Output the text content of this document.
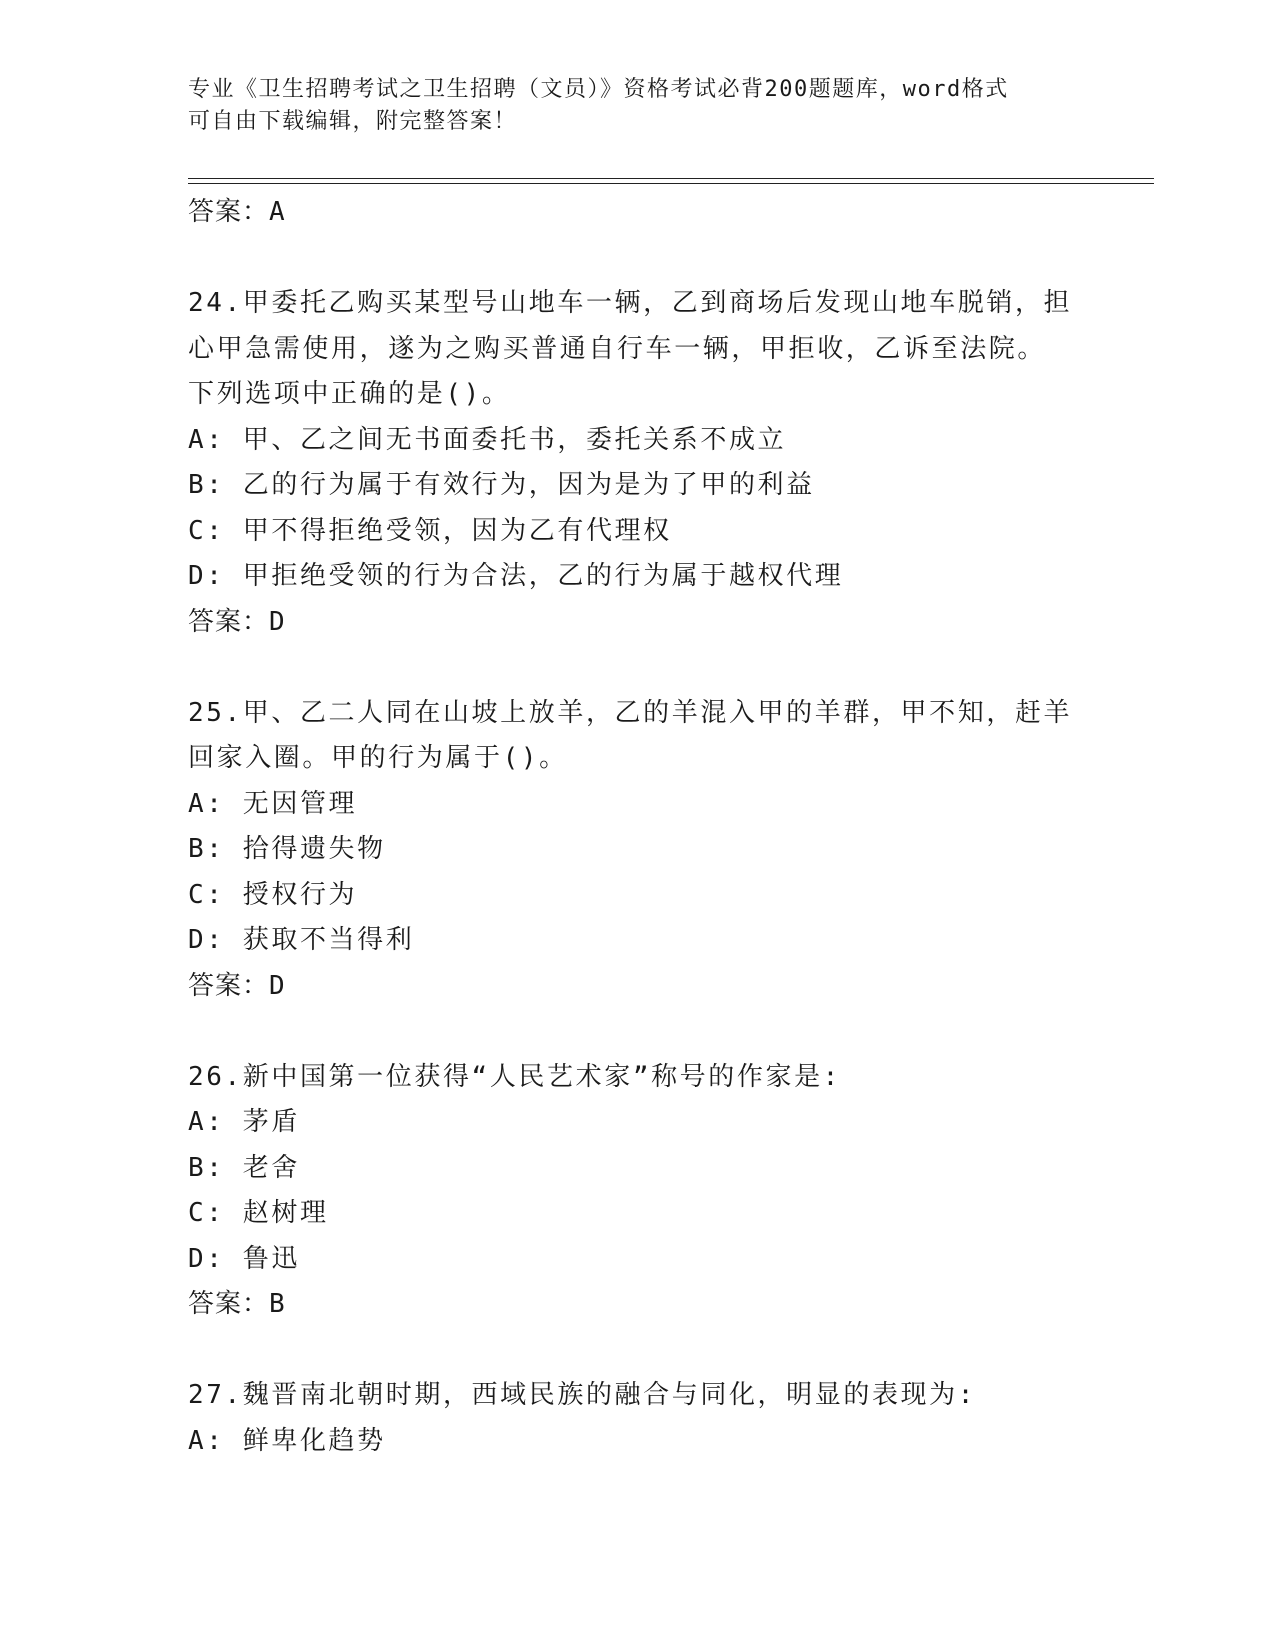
专业《卫生招聘考试之卫生招聘（文员）》资格考试必背200题题库，word格式
可自由下载编辑，附完整答案！
答案：A
24.甲委托乙购买某型号山地车一辆，乙到商场后发现山地车脱销，担
心甲急需使用，遂为之购买普通自行车一辆，甲拒收，乙诉至法院。
下列选项中正确的是()。
A: 甲、乙之间无书面委托书，委托关系不成立
B: 乙的行为属于有效行为，因为是为了甲的利益
C: 甲不得拒绝受领，因为乙有代理权
D: 甲拒绝受领的行为合法，乙的行为属于越权代理
答案：D
25.甲、乙二人同在山坡上放羊，乙的羊混入甲的羊群，甲不知，赶羊
回家入圈。甲的行为属于()。
A: 无因管理
B: 拾得遗失物
C: 授权行为
D: 获取不当得利
答案：D
26.新中国第一位获得“人民艺术家”称号的作家是:
A: 茅盾
B: 老舍
C: 赵树理
D: 鲁迅
答案：B
27.魏晋南北朝时期，西域民族的融合与同化，明显的表现为:
A: 鲜卑化趋势
